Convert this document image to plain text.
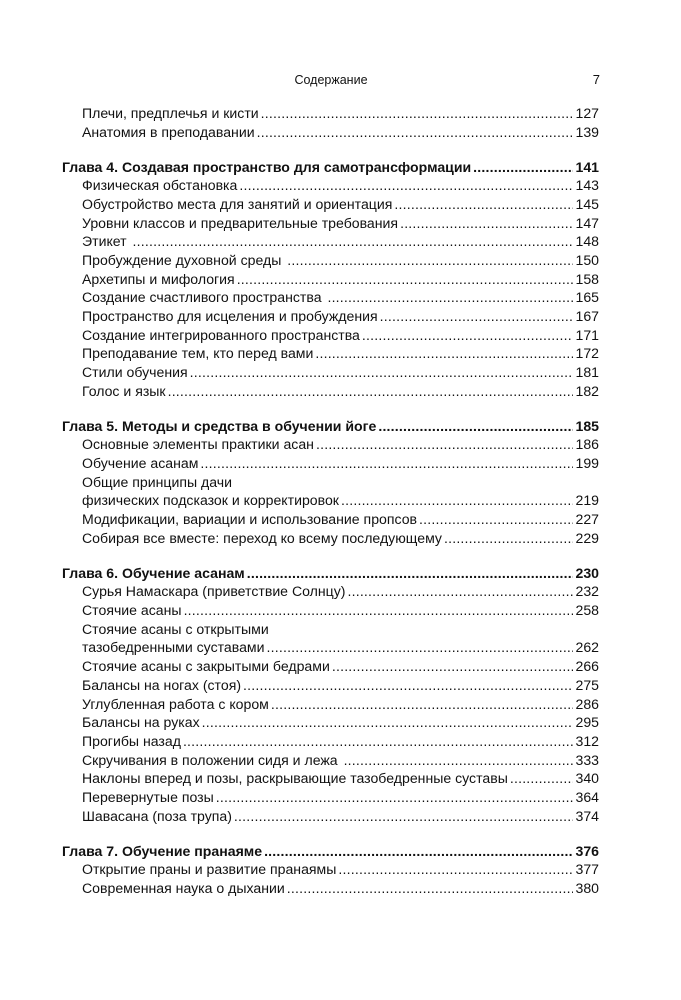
Содержание	7
Плечи, предплечья и кисти .....	127
Анатомия в преподавании .....	139
Глава 4. Создавая пространство для самотрансформации .....	141
Физическая обстановка .....	143
Обустройство места для занятий и ориентация .....	145
Уровни классов и предварительные требования .....	147
Этикет .....	148
Пробуждение духовной среды .....	150
Архетипы и мифология .....	158
Создание счастливого пространства .....	165
Пространство для исцеления и пробуждения .....	167
Создание интегрированного пространства .....	171
Преподавание тем, кто перед вами .....	172
Стили обучения .....	181
Голос и язык .....	182
Глава 5. Методы и средства в обучении йоге .....	185
Основные элементы практики асан .....	186
Обучение асанам .....	199
Общие принципы дачи
физических подсказок и корректировок .....	219
Модификации, вариации и использование пропсов .....	227
Собирая все вместе: переход ко всему последующему .....	229
Глава 6. Обучение асанам .....	230
Сурья Намаскара (приветствие Солнцу) .....	232
Стоячие асаны .....	258
Стоячие асаны с открытыми
тазобедренными суставами .....	262
Стоячие асаны с закрытыми бедрами .....	266
Балансы на ногах (стоя) .....	275
Углубленная работа с кором .....	286
Балансы на руках .....	295
Прогибы назад .....	312
Скручивания в положении сидя и лежа .....	333
Наклоны вперед и позы, раскрывающие тазобедренные суставы .....	340
Перевернутые позы .....	364
Шавасана (поза трупа) .....	374
Глава 7. Обучение пранаяме .....	376
Открытие праны и развитие пранаямы .....	377
Современная наука о дыхании .....	380
